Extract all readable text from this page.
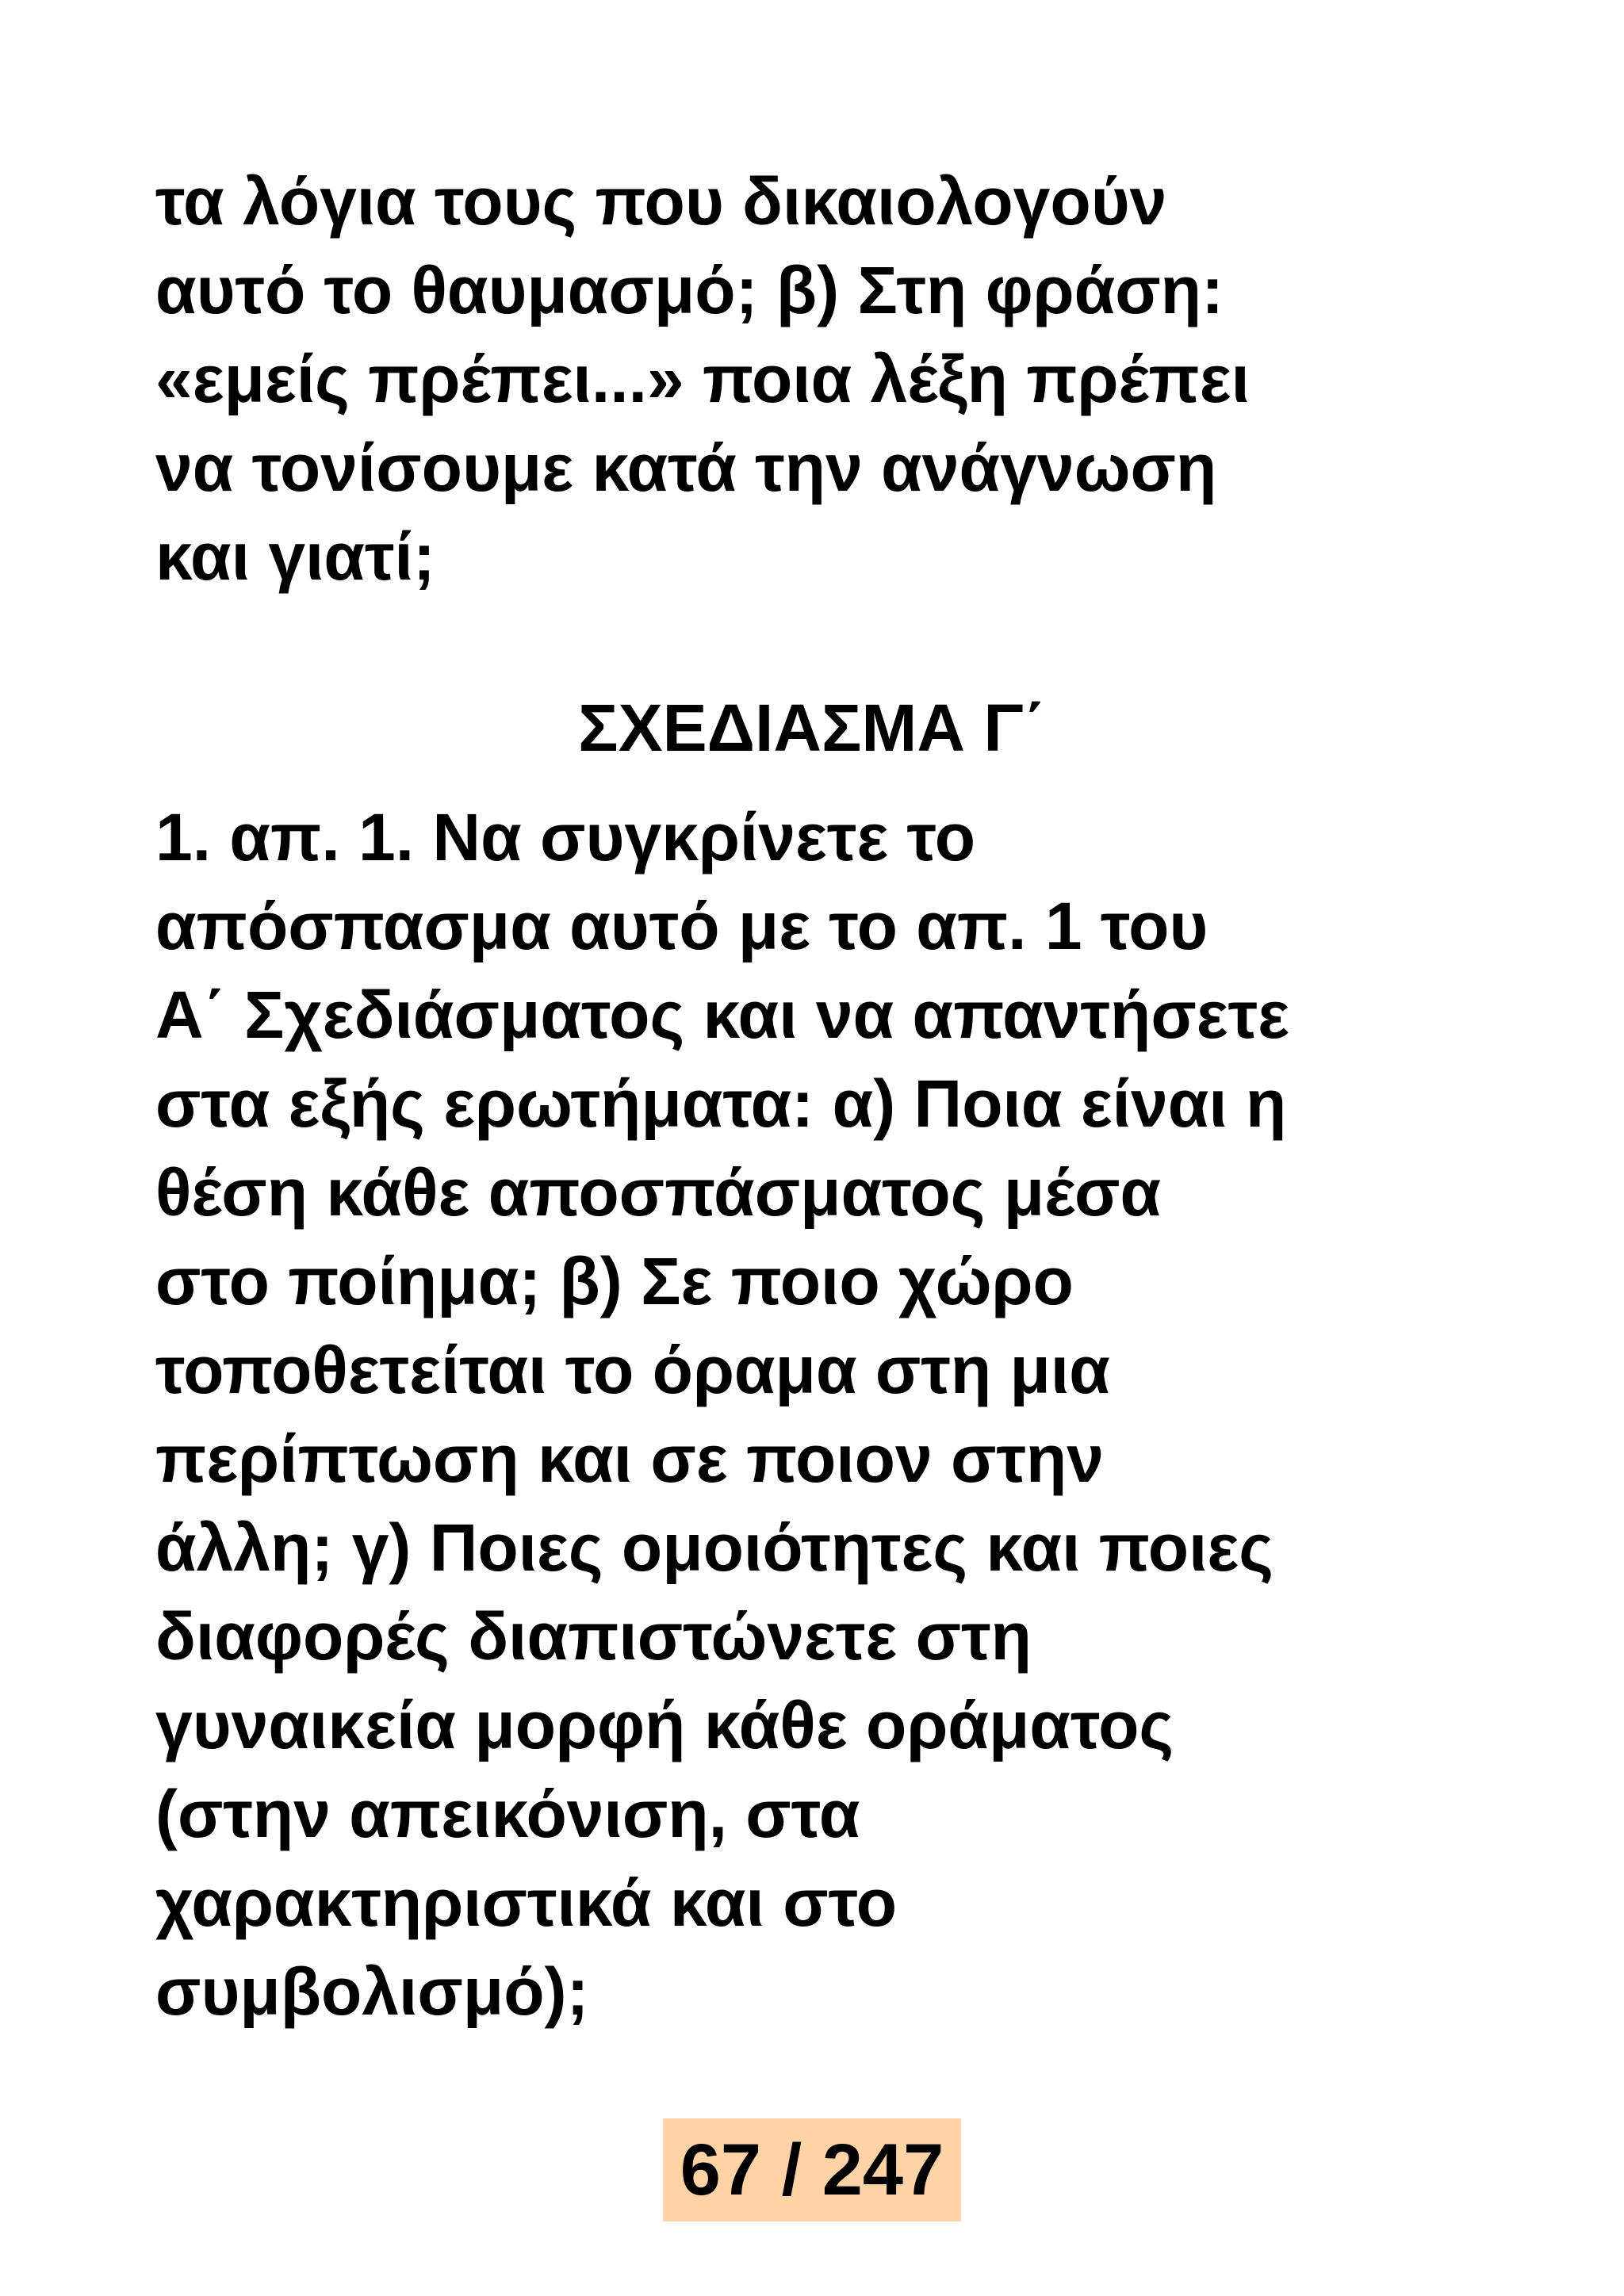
τα λόγια τους που δικαιολογούν
αυτό το θαυμασμό; β) Στη φράση:
«εμείς πρέπει...» ποια λέξη πρέπει
να τονίσουμε κατά την ανάγνωση
και γιατί;
ΣΧΕΔΙΑΣΜΑ Γ΄
1. απ. 1. Να συγκρίνετε το
απόσπασμα αυτό με το απ. 1 του
Α΄ Σχεδιάσματος και να απαντήσετε
στα εξής ερωτήματα: α) Ποια είναι η
θέση κάθε αποσπάσματος μέσα
στο ποίημα; β) Σε ποιο χώρο
τοποθετείται το όραμα στη μια
περίπτωση και σε ποιον στην
άλλη; γ) Ποιες ομοιότητες και ποιες
διαφορές διαπιστώνετε στη
γυναικεία μορφή κάθε οράματος
(στην απεικόνιση, στα
χαρακτηριστικά και στο
συμβολισμό);
67 / 247
